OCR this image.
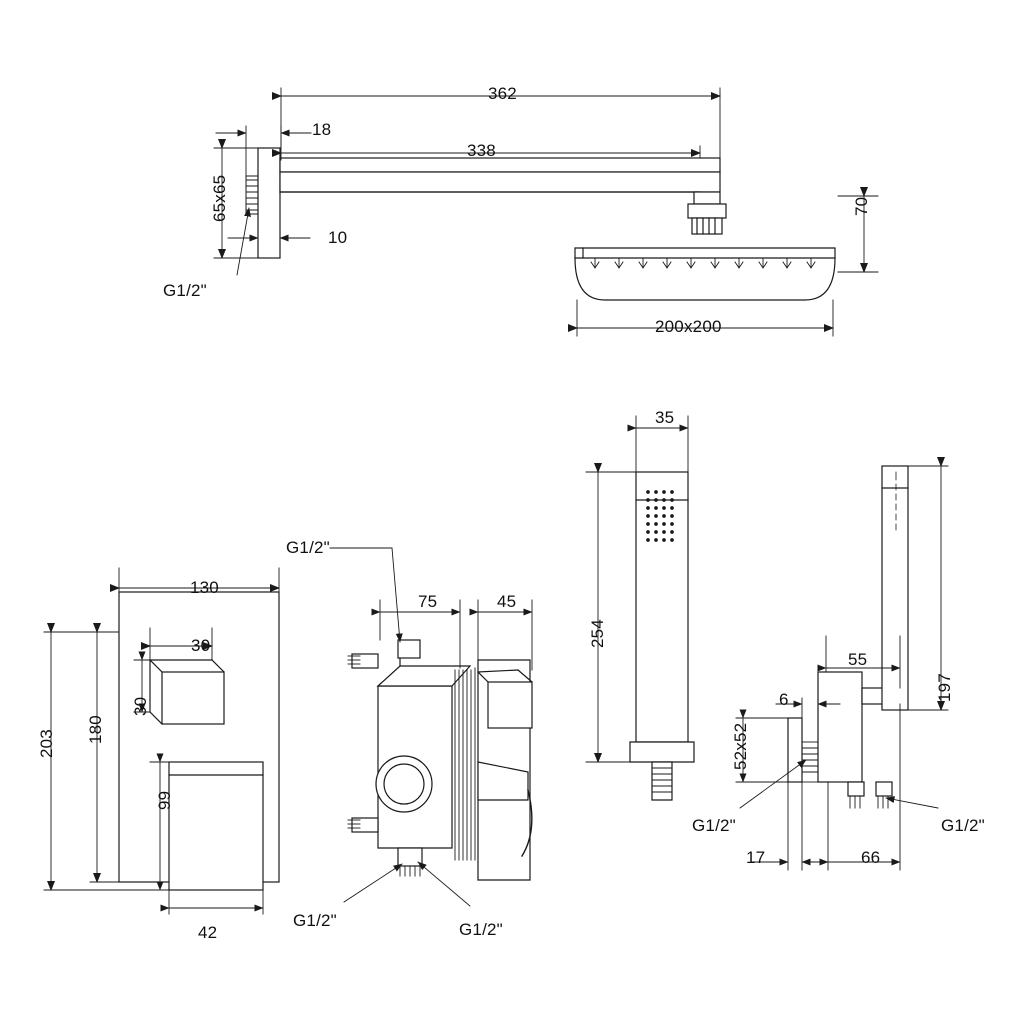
362
18
338
65x65
10
G1/2"
70
200x200
130
30
30
180
203
99
42
G1/2"
75	45
G1/2"	G1/2"
35
254
197
55
6
52x52
G1/2"	G1/2"
17	66
